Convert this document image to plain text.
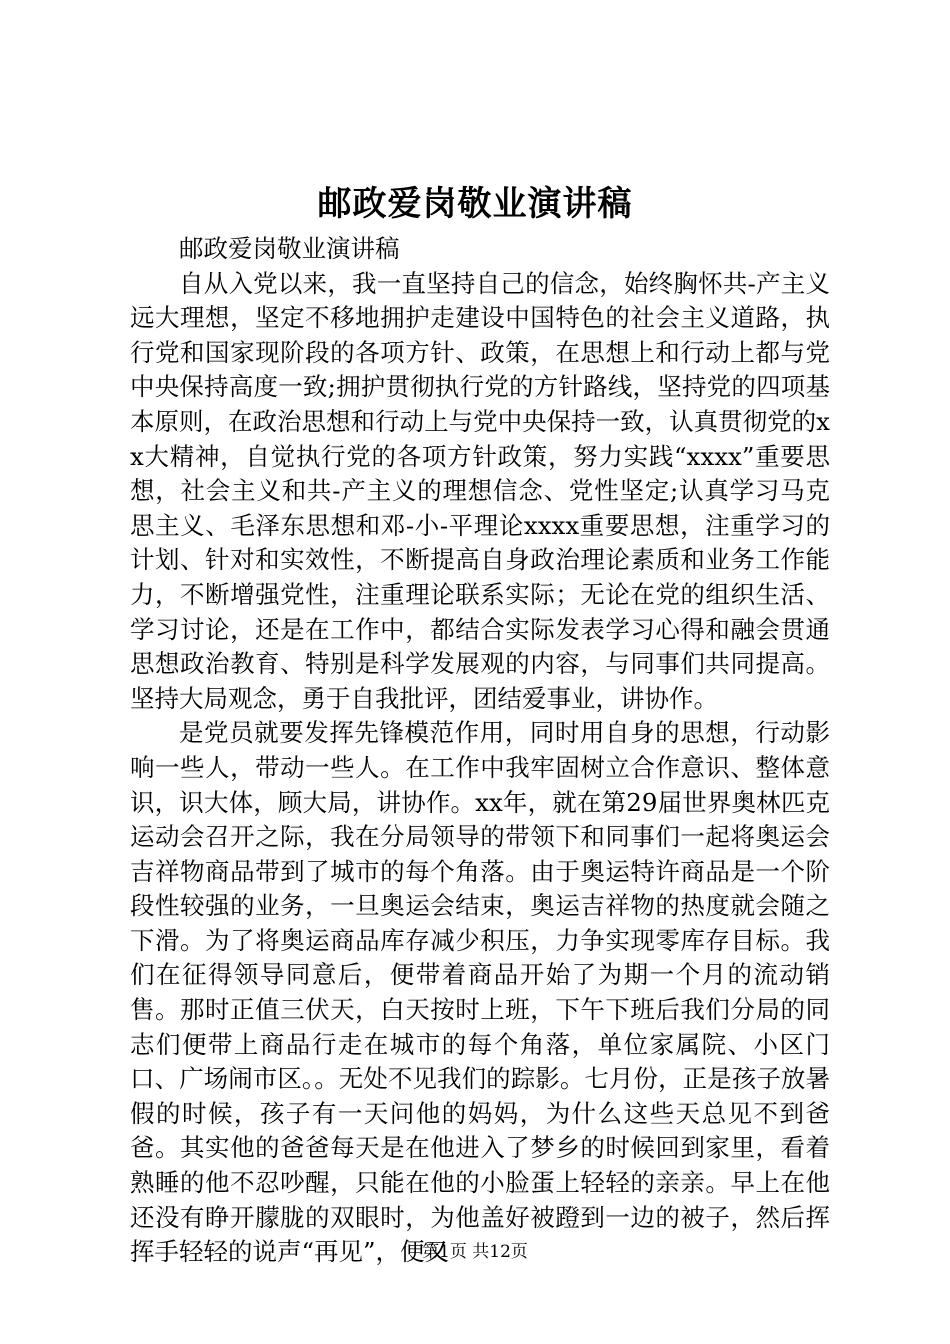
邮政爱岗敬业演讲稿

邮政爱岗敬业演讲稿

自从入党以来，我一直坚持自己的信念，始终胸怀共-产主义远大理想，坚定不移地拥护走建设中国特色的社会主义道路，执行党和国家现阶段的各项方针、政策，在思想上和行动上都与党中央保持高度一致;拥护贯彻执行党的方针路线，坚持党的四项基本原则，在政治思想和行动上与党中央保持一致，认真贯彻党的xx大精神，自觉执行党的各项方针政策，努力实践“xxxx”重要思想，社会主义和共-产主义的理想信念、党性坚定;认真学习马克思主义、毛泽东思想和邓-小-平理论xxxx重要思想，注重学习的计划、针对和实效性，不断提高自身政治理论素质和业务工作能力，不断增强党性，注重理论联系实际；无论在党的组织生活、学习讨论，还是在工作中，都结合实际发表学习心得和融会贯通思想政治教育、特别是科学发展观的内容，与同事们共同提高。坚持大局观念，勇于自我批评，团结爱事业，讲协作。

是党员就要发挥先锋模范作用，同时用自身的思想，行动影响一些人，带动一些人。在工作中我牢固树立合作意识、整体意识，识大体，顾大局，讲协作。xx年，就在第29届世界奥林匹克运动会召开之际，我在分局领导的带领下和同事们一起将奥运会吉祥物商品带到了城市的每个角落。由于奥运特许商品是一个阶段性较强的业务，一旦奥运会结束，奥运吉祥物的热度就会随之下滑。为了将奥运商品库存减少积压，力争实现零库存目标。我们在征得领导同意后，便带着商品开始了为期一个月的流动销售。那时正值三伏天，白天按时上班，下午下班后我们分局的同志们便带上商品行走在城市的每个角落，单位家属院、小区门口、广场闹市区。。无处不见我们的踪影。七月份，正是孩子放暑假的时候，孩子有一天问他的妈妈，为什么这些天总见不到爸爸。其实他的爸爸每天是在他进入了梦乡的时候回到家里，看着熟睡的他不忍吵醒，只能在他的小脸蛋上轻轻的亲亲。早上在他还没有睁开朦胧的双眼时，为他盖好被蹬到一边的被子，然后挥挥手轻轻的说声“再见”，便又

第1页 共12页
